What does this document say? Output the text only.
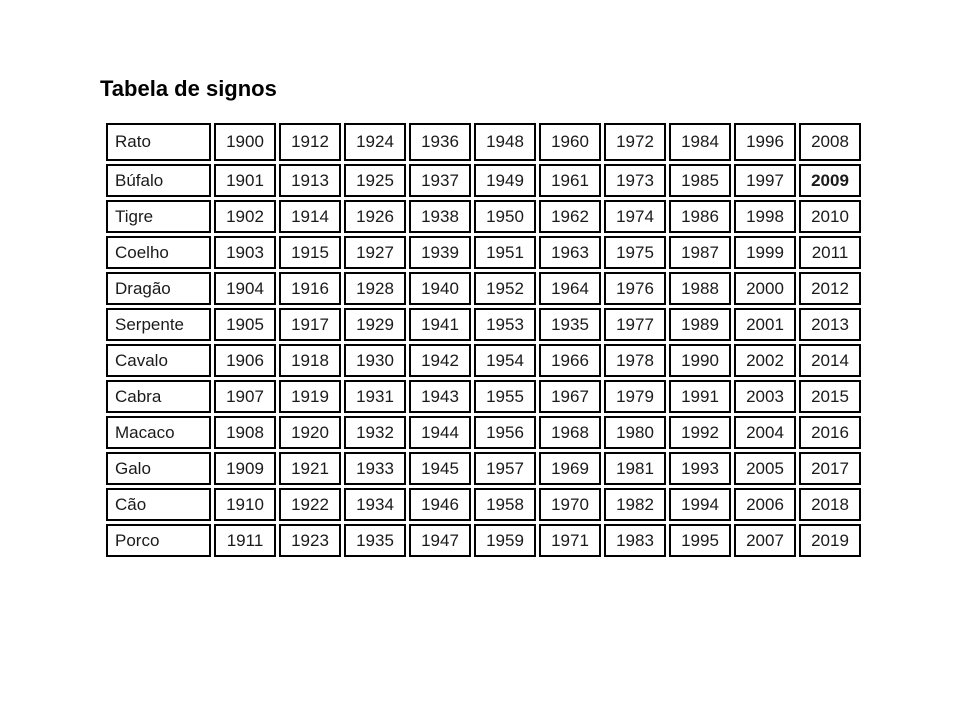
Tabela de signos
Rato	1900	1912	1924	1936	1948	1960	1972	1984	1996	2008
Búfalo	1901	1913	1925	1937	1949	1961	1973	1985	1997	2009
Tigre	1902	1914	1926	1938	1950	1962	1974	1986	1998	2010
Coelho	1903	1915	1927	1939	1951	1963	1975	1987	1999	2011
Dragão	1904	1916	1928	1940	1952	1964	1976	1988	2000	2012
Serpente	1905	1917	1929	1941	1953	1935	1977	1989	2001	2013
Cavalo	1906	1918	1930	1942	1954	1966	1978	1990	2002	2014
Cabra	1907	1919	1931	1943	1955	1967	1979	1991	2003	2015
Macaco	1908	1920	1932	1944	1956	1968	1980	1992	2004	2016
Galo	1909	1921	1933	1945	1957	1969	1981	1993	2005	2017
Cão	1910	1922	1934	1946	1958	1970	1982	1994	2006	2018
Porco	1911	1923	1935	1947	1959	1971	1983	1995	2007	2019
